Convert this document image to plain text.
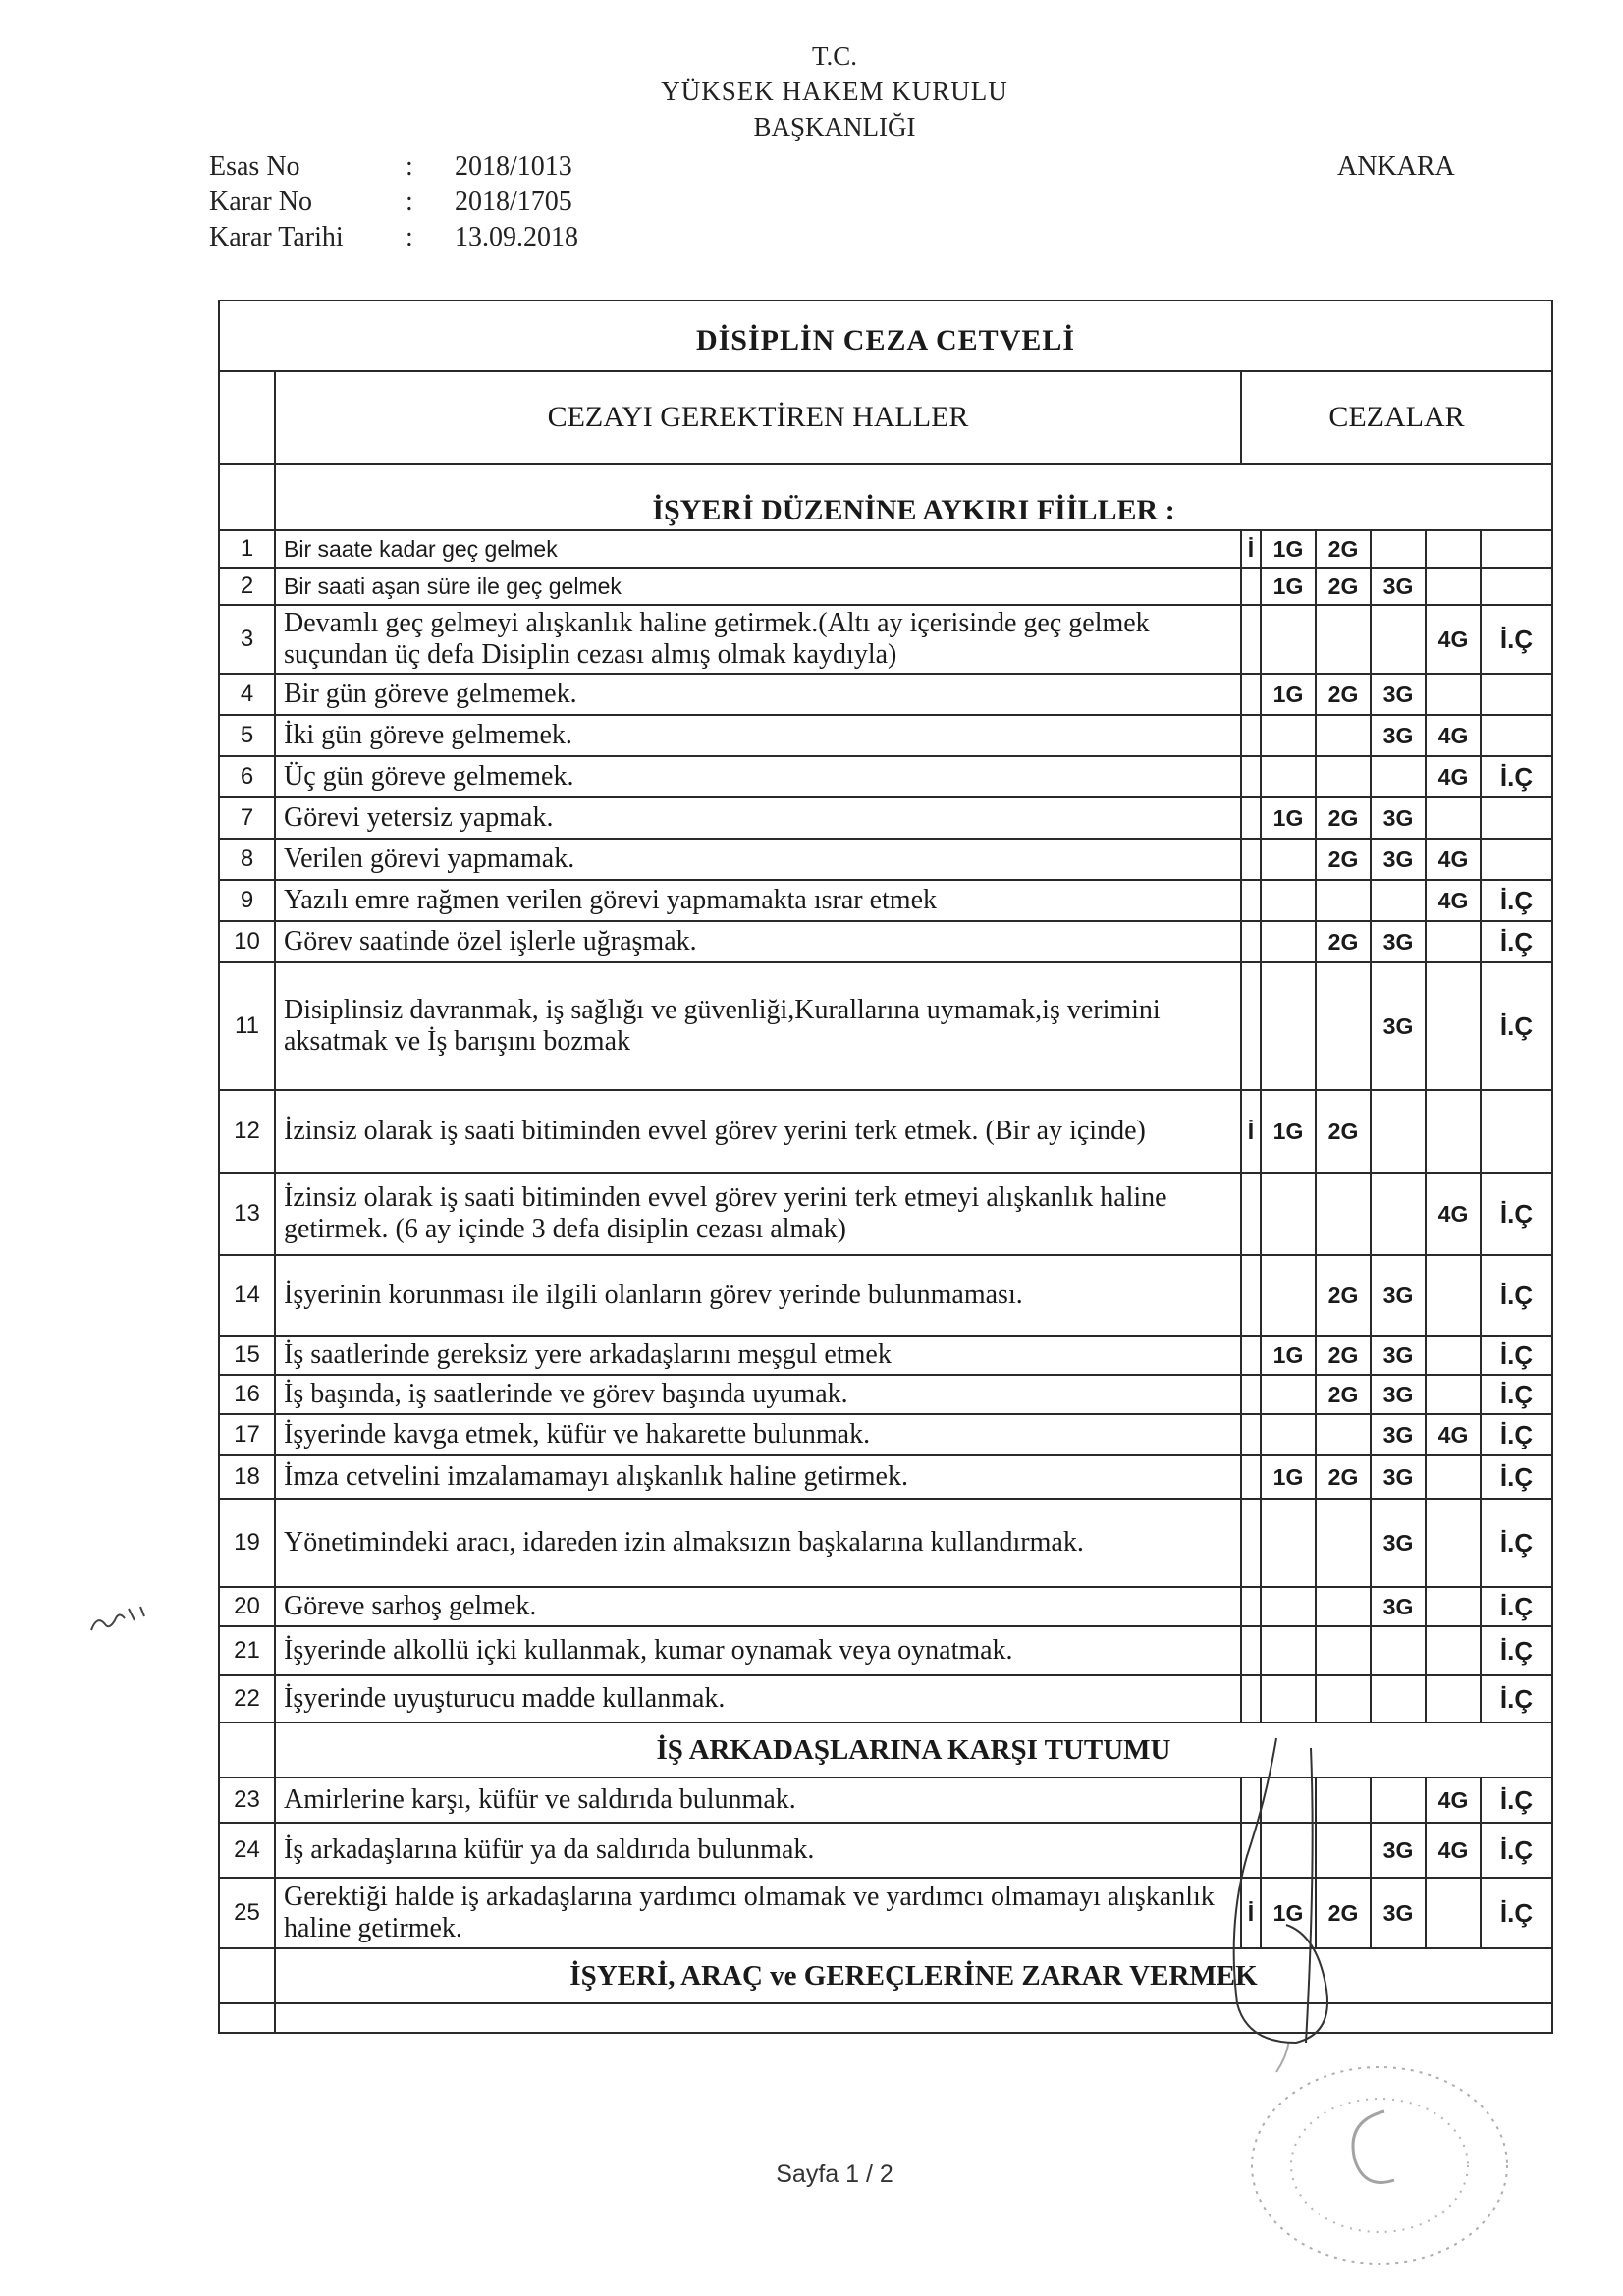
T.C.
YÜKSEK HAKEM KURULU
BAŞKANLIĞI
ANKARA
Esas No	:	2018/1013
Karar No	:	2018/1705
Karar Tarihi	:	13.09.2018
DİSİPLİN CEZA CETVELİ							
	CEZAYI GEREKTİREN HALLER	CEZALAR					
	İŞYERİ DÜZENİNE AYKIRI FİİLLER :						
1	Bir saate kadar geç gelmek	İ	1G	2G			
2	Bir saati aşan süre ile geç gelmek		1G	2G	3G		
3	Devamlı geç gelmeyi alışkanlık haline getirmek.(Altı ay içerisinde geç gelmek suçundan üç defa Disiplin cezası almış olmak kaydıyla)					4G	İ.Ç
4	Bir gün göreve gelmemek.		1G	2G	3G		
5	İki gün göreve gelmemek.				3G	4G	
6	Üç gün göreve gelmemek.					4G	İ.Ç
7	Görevi yetersiz yapmak.		1G	2G	3G		
8	Verilen görevi yapmamak.			2G	3G	4G	
9	Yazılı emre rağmen verilen görevi yapmamakta ısrar etmek					4G	İ.Ç
10	Görev saatinde özel işlerle uğraşmak.			2G	3G		İ.Ç
11	Disiplinsiz davranmak, iş sağlığı ve güvenliği,Kurallarına uymamak,iş verimini aksatmak ve İş barışını bozmak				3G		İ.Ç
12	İzinsiz olarak iş saati bitiminden evvel görev yerini terk etmek. (Bir ay içinde)	İ	1G	2G			
13	İzinsiz olarak iş saati bitiminden evvel görev yerini terk etmeyi alışkanlık haline getirmek. (6 ay içinde 3 defa disiplin cezası almak)					4G	İ.Ç
14	İşyerinin korunması ile ilgili olanların görev yerinde bulunmaması.			2G	3G		İ.Ç
15	İş saatlerinde gereksiz yere arkadaşlarını meşgul etmek		1G	2G	3G		İ.Ç
16	İş başında, iş saatlerinde ve görev başında uyumak.			2G	3G		İ.Ç
17	İşyerinde kavga etmek, küfür ve hakarette bulunmak.				3G	4G	İ.Ç
18	İmza cetvelini imzalamamayı alışkanlık haline getirmek.		1G	2G	3G		İ.Ç
19	Yönetimindeki aracı, idareden izin almaksızın başkalarına kullandırmak.				3G		İ.Ç
20	Göreve sarhoş gelmek.				3G		İ.Ç
21	İşyerinde alkollü içki kullanmak, kumar oynamak veya oynatmak.						İ.Ç
22	İşyerinde uyuşturucu madde kullanmak.						İ.Ç
	İŞ ARKADAŞLARINA KARŞI TUTUMU						
23	Amirlerine karşı, küfür ve saldırıda bulunmak.					4G	İ.Ç
24	İş arkadaşlarına küfür ya da saldırıda bulunmak.				3G	4G	İ.Ç
25	Gerektiği halde iş arkadaşlarına yardımcı olmamak ve yardımcı olmamayı alışkanlık haline getirmek.	İ	1G	2G	3G		İ.Ç
	İŞYERİ, ARAÇ ve GEREÇLERİNE ZARAR VERMEK						

Sayfa 1 / 2
